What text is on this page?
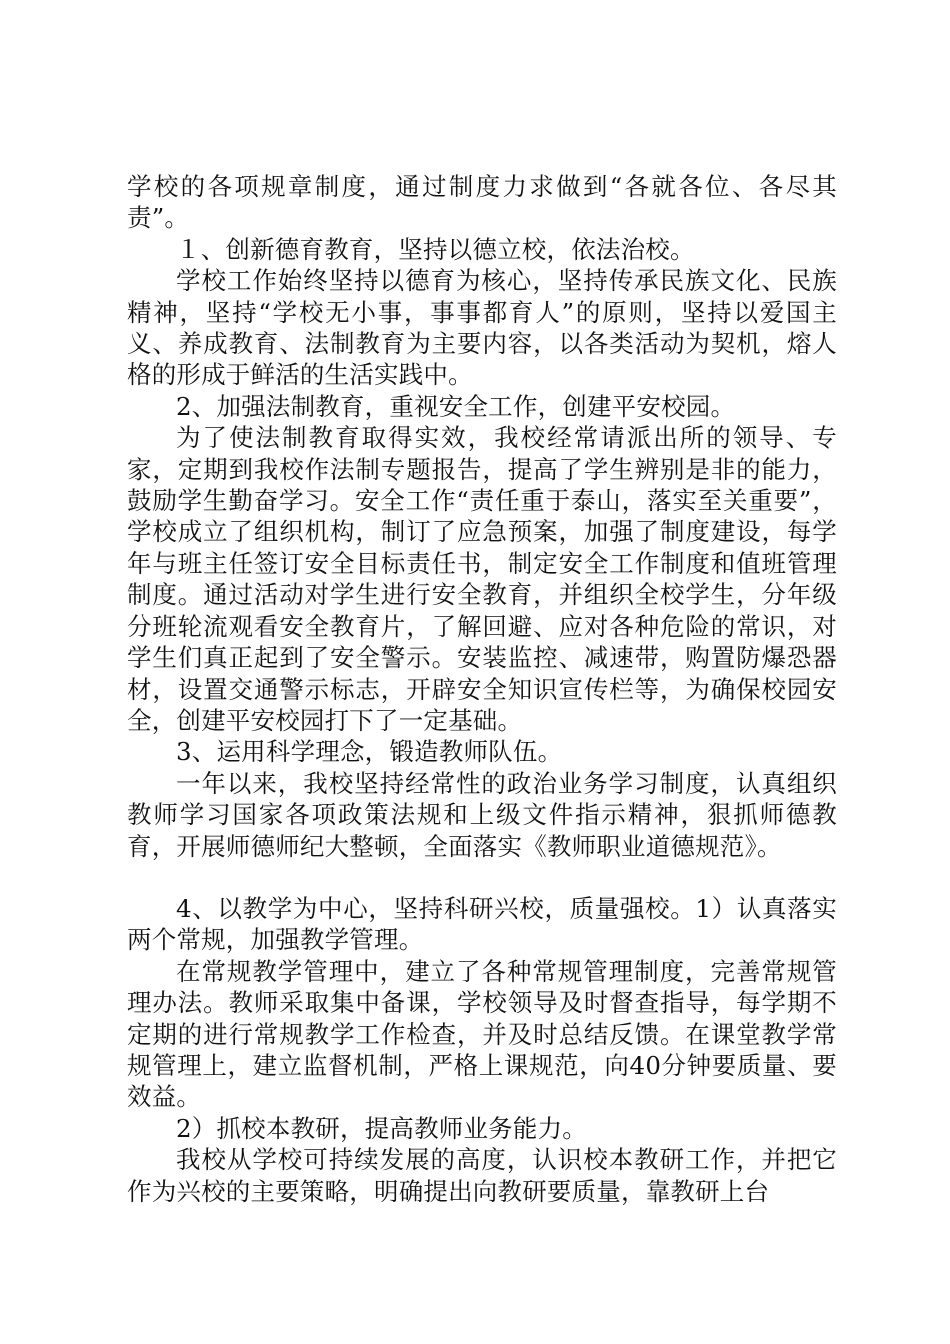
学校的各项规章制度，通过制度力求做到“各就各位、各尽其责”。

１、创新德育教育，坚持以德立校，依法治校。

学校工作始终坚持以德育为核心，坚持传承民族文化、民族精神，坚持“学校无小事，事事都育人”的原则，坚持以爱国主义、养成教育、法制教育为主要内容，以各类活动为契机，熔人格的形成于鲜活的生活实践中。

2、加强法制教育，重视安全工作，创建平安校园。

为了使法制教育取得实效，我校经常请派出所的领导、专家，定期到我校作法制专题报告，提高了学生辨别是非的能力，鼓励学生勤奋学习。安全工作“责任重于泰山，落实至关重要”，学校成立了组织机构，制订了应急预案，加强了制度建设，每学年与班主任签订安全目标责任书，制定安全工作制度和值班管理制度。通过活动对学生进行安全教育，并组织全校学生，分年级分班轮流观看安全教育片，了解回避、应对各种危险的常识，对学生们真正起到了安全警示。安装监控、减速带，购置防爆恐器材，设置交通警示标志，开辟安全知识宣传栏等，为确保校园安全，创建平安校园打下了一定基础。

3、运用科学理念，锻造教师队伍。

一年以来，我校坚持经常性的政治业务学习制度，认真组织教师学习国家各项政策法规和上级文件指示精神，狠抓师德教育，开展师德师纪大整顿，全面落实《教师职业道德规范》。

4、以教学为中心，坚持科研兴校，质量强校。1）认真落实两个常规，加强教学管理。

在常规教学管理中，建立了各种常规管理制度，完善常规管理办法。教师采取集中备课，学校领导及时督查指导，每学期不定期的进行常规教学工作检查，并及时总结反馈。在课堂教学常规管理上，建立监督机制，严格上课规范，向40分钟要质量、要效益。

2）抓校本教研，提高教师业务能力。

我校从学校可持续发展的高度，认识校本教研工作，并把它作为兴校的主要策略，明确提出向教研要质量，靠教研上台
